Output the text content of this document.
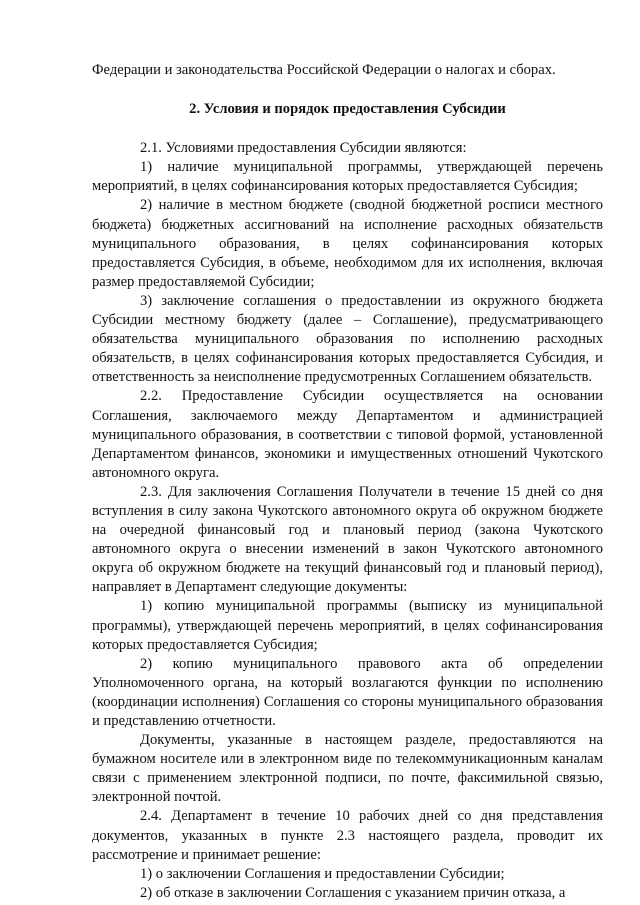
Федерации и законодательства Российской Федерации о налогах и сборах.

2. Условия и порядок предоставления Субсидии

2.1. Условиями предоставления Субсидии являются:

1) наличие муниципальной программы, утверждающей перечень мероприятий, в целях софинансирования которых предоставляется Субсидия;

2) наличие в местном бюджете (сводной бюджетной росписи местного бюджета) бюджетных ассигнований на исполнение расходных обязательств муниципального образования, в целях софинансирования которых предоставляется Субсидия, в объеме, необходимом для их исполнения, включая размер предоставляемой Субсидии;

3) заключение соглашения о предоставлении из окружного бюджета Субсидии местному бюджету (далее – Соглашение), предусматривающего обязательства муниципального образования по исполнению расходных обязательств, в целях софинансирования которых предоставляется Субсидия, и ответственность за неисполнение предусмотренных Соглашением обязательств.

2.2. Предоставление Субсидии осуществляется на основании Соглашения, заключаемого между Департаментом и администрацией муниципального образования, в соответствии с типовой формой, установленной Департаментом финансов, экономики и имущественных отношений Чукотского автономного округа.

2.3. Для заключения Соглашения Получатели в течение 15 дней со дня вступления в силу закона Чукотского автономного округа об окружном бюджете на очередной финансовый год и плановый период (закона Чукотского автономного округа о внесении изменений в закон Чукотского автономного округа об окружном бюджете на текущий финансовый год и плановый период), направляет в Департамент следующие документы:

1) копию муниципальной программы (выписку из муниципальной программы), утверждающей перечень мероприятий, в целях софинансирования которых предоставляется Субсидия;

2) копию муниципального правового акта об определении Уполномоченного органа, на который возлагаются функции по исполнению (координации исполнения) Соглашения со стороны муниципального образования и представлению отчетности.

Документы, указанные в настоящем разделе, предоставляются на бумажном носителе или в электронном виде по телекоммуникационным каналам связи с применением электронной подписи, по почте, факсимильной связью, электронной почтой.

2.4. Департамент в течение 10 рабочих дней со дня представления документов, указанных в пункте 2.3 настоящего раздела, проводит их рассмотрение и принимает решение:

1) о заключении Соглашения и предоставлении Субсидии;

2) об отказе в заключении Соглашения с указанием причин отказа, а
